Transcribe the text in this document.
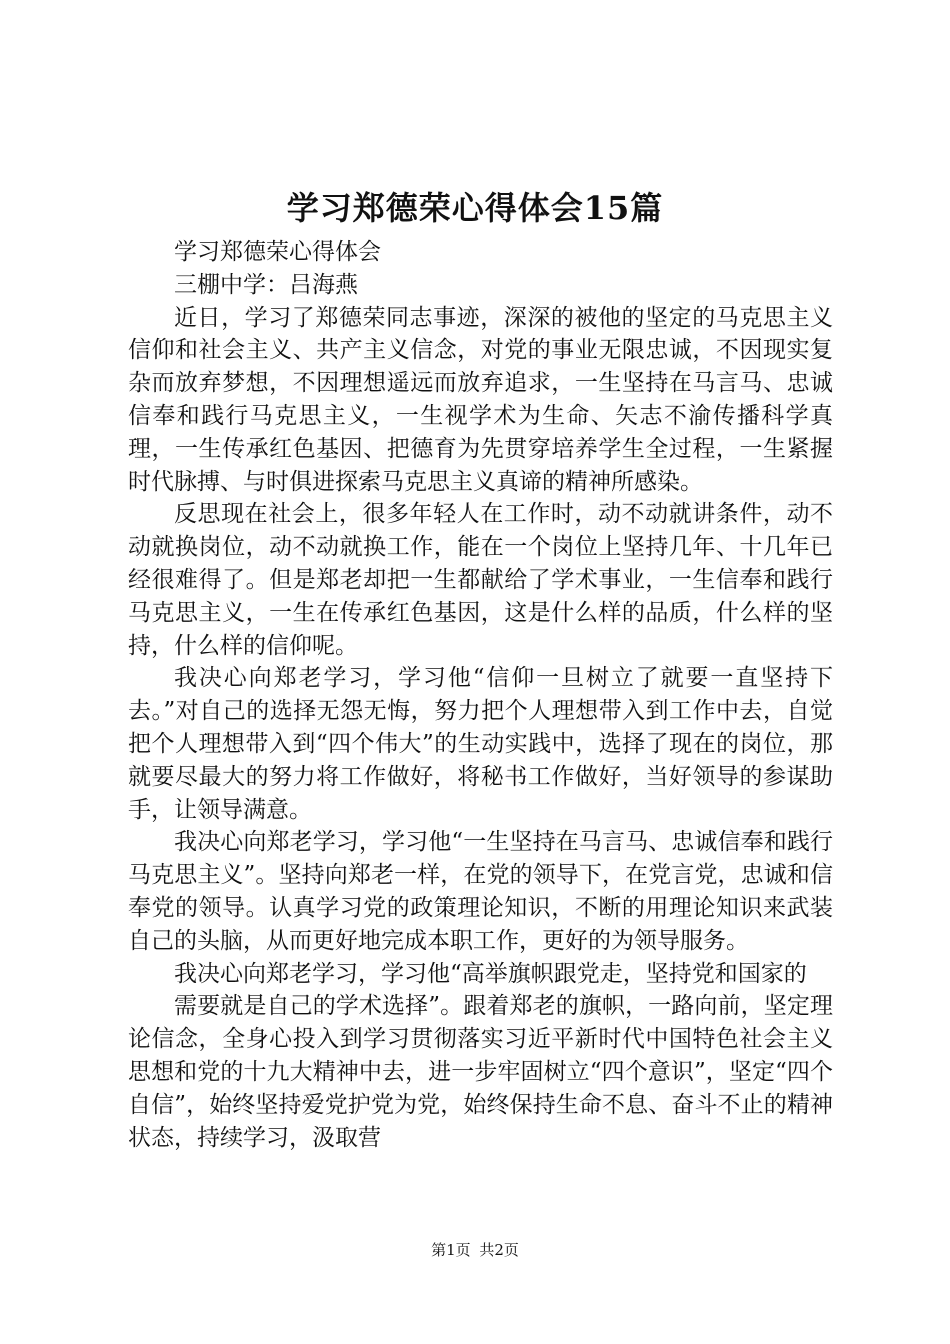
学习郑德荣心得体会15篇

学习郑德荣心得体会

三棚中学：吕海燕

近日，学习了郑德荣同志事迹，深深的被他的坚定的马克思主义信仰和社会主义、共产主义信念，对党的事业无限忠诚，不因现实复杂而放弃梦想，不因理想遥远而放弃追求，一生坚持在马言马、忠诚信奉和践行马克思主义，一生视学术为生命、矢志不渝传播科学真理，一生传承红色基因、把德育为先贯穿培养学生全过程，一生紧握时代脉搏、与时俱进探索马克思主义真谛的精神所感染。

反思现在社会上，很多年轻人在工作时，动不动就讲条件，动不动就换岗位，动不动就换工作，能在一个岗位上坚持几年、十几年已经很难得了。但是郑老却把一生都献给了学术事业，一生信奉和践行马克思主义，一生在传承红色基因，这是什么样的品质，什么样的坚持，什么样的信仰呢。

我决心向郑老学习，学习他“信仰一旦树立了就要一直坚持下去。”对自己的选择无怨无悔，努力把个人理想带入到工作中去，自觉把个人理想带入到“四个伟大”的生动实践中，选择了现在的岗位，那就要尽最大的努力将工作做好，将秘书工作做好，当好领导的参谋助手，让领导满意。

我决心向郑老学习，学习他“一生坚持在马言马、忠诚信奉和践行马克思主义”。坚持向郑老一样，在党的领导下，在党言党，忠诚和信奉党的领导。认真学习党的政策理论知识，不断的用理论知识来武装自己的头脑，从而更好地完成本职工作，更好的为领导服务。

我决心向郑老学习，学习他“高举旗帜跟党走，坚持党和国家的

需要就是自己的学术选择”。跟着郑老的旗帜，一路向前，坚定理论信念，全身心投入到学习贯彻落实习近平新时代中国特色社会主义思想和党的十九大精神中去，进一步牢固树立“四个意识”，坚定“四个自信”，始终坚持爱党护党为党，始终保持生命不息、奋斗不止的精神状态，持续学习，汲取营

第1页 共2页
